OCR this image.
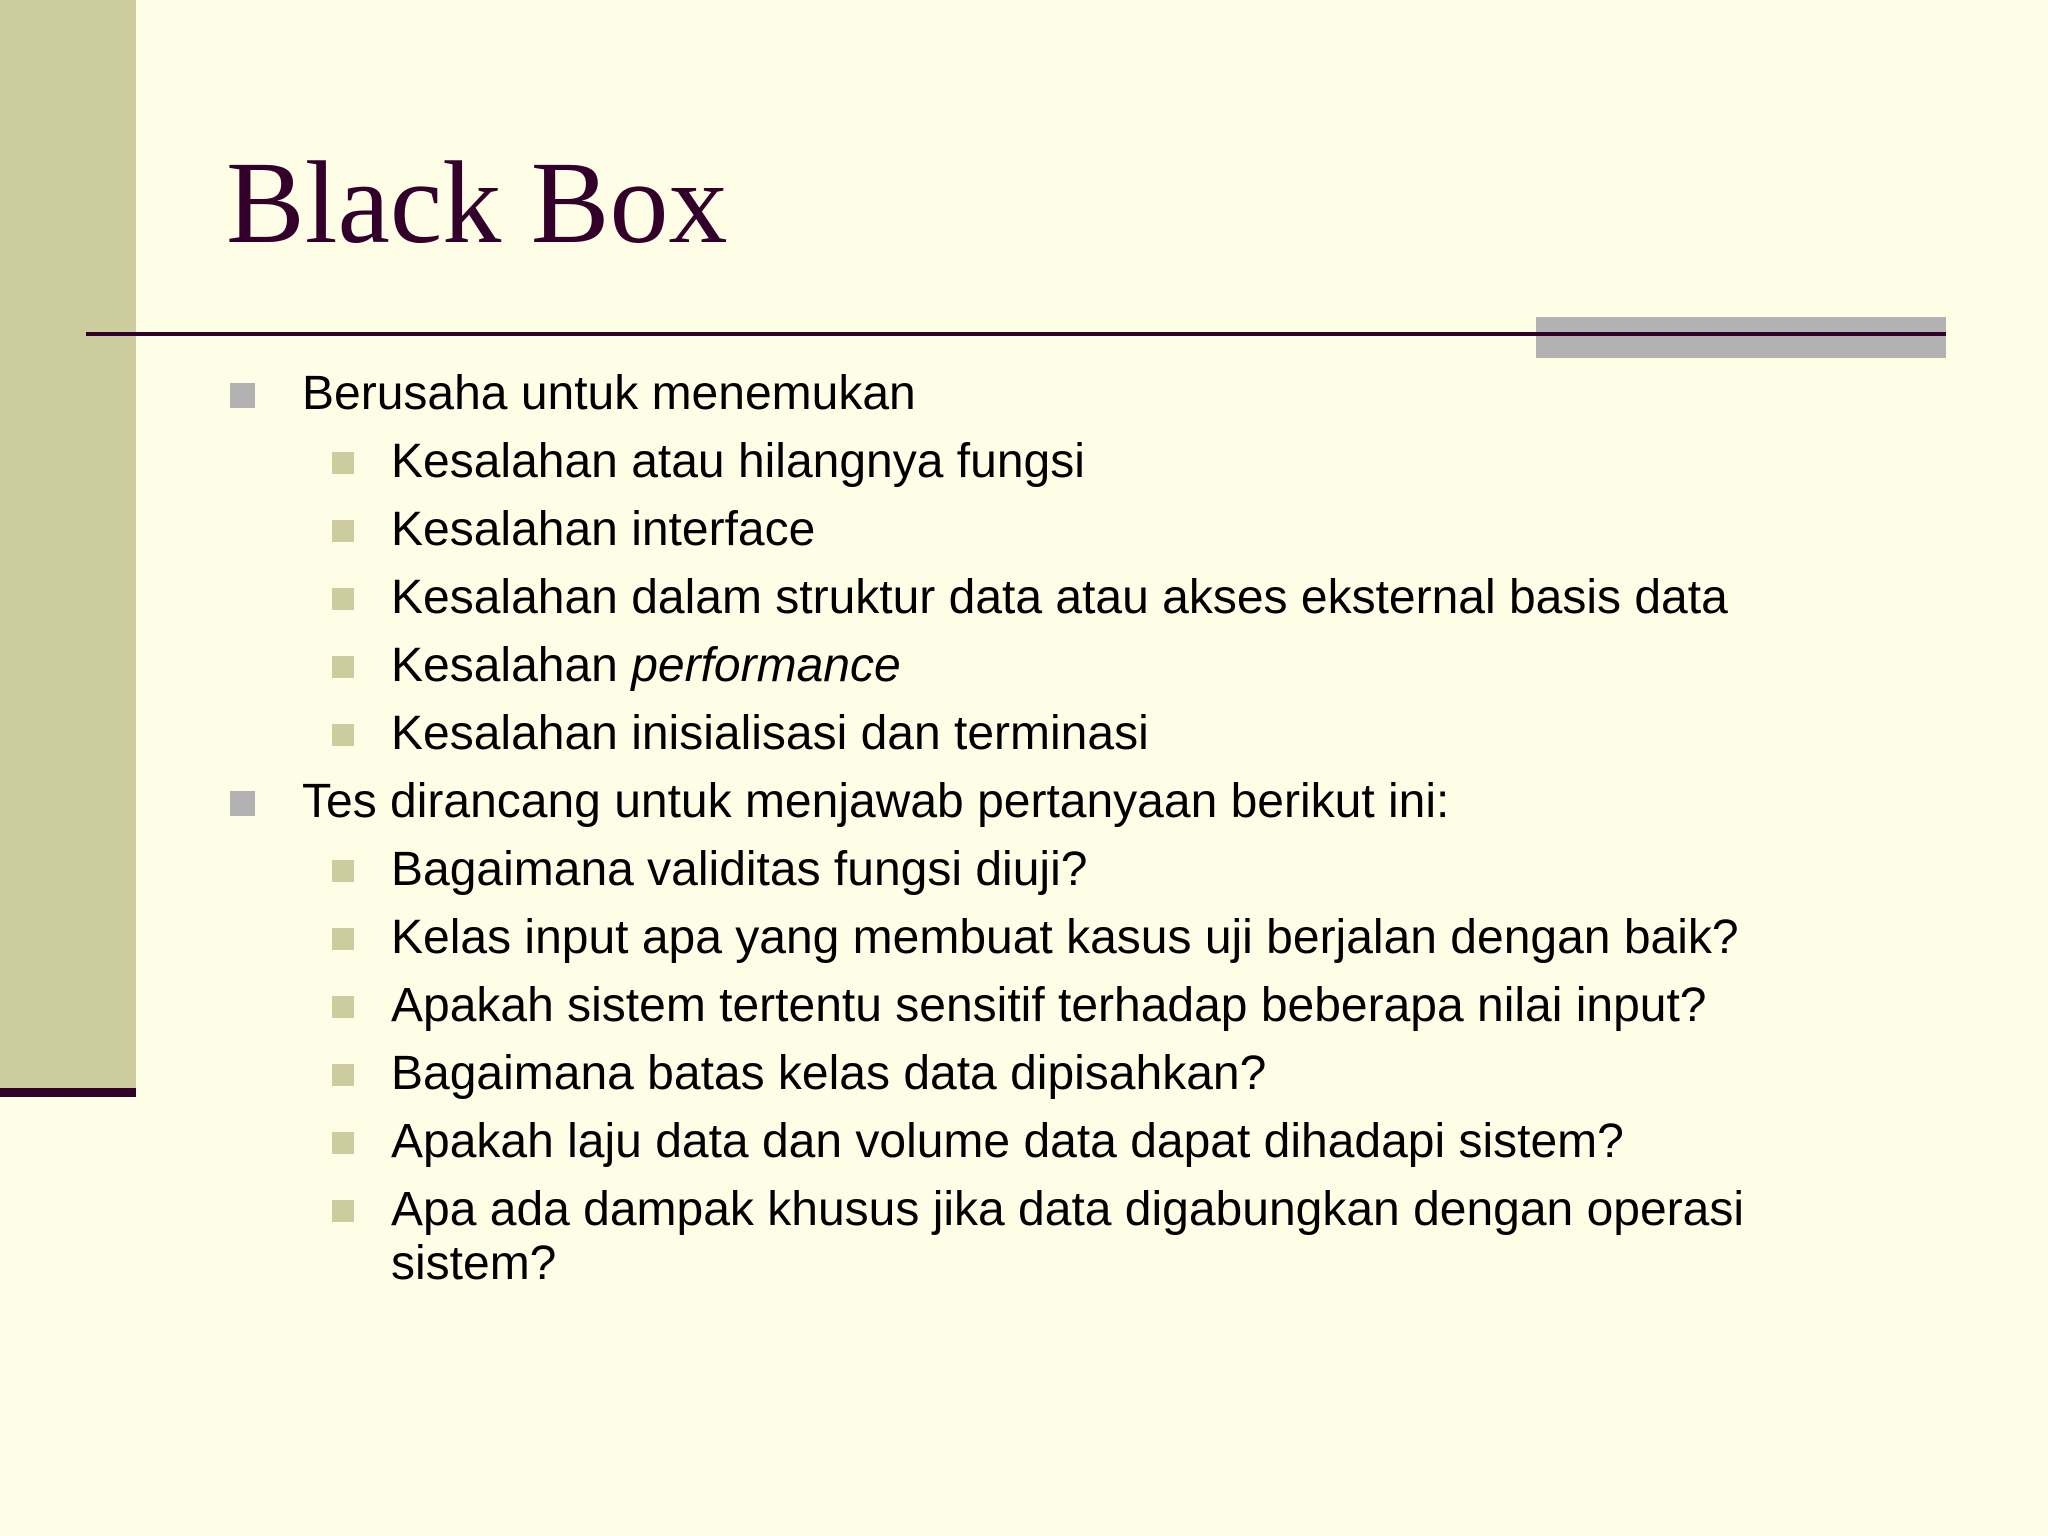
Black Box
Berusaha untuk menemukan
Kesalahan atau hilangnya fungsi
Kesalahan interface
Kesalahan dalam struktur data atau akses eksternal basis data
Kesalahan performance
Kesalahan inisialisasi dan terminasi
Tes dirancang untuk menjawab pertanyaan berikut ini:
Bagaimana validitas fungsi diuji?
Kelas input apa yang membuat kasus uji berjalan dengan baik?
Apakah sistem tertentu sensitif terhadap beberapa nilai input?
Bagaimana batas kelas data dipisahkan?
Apakah laju data dan volume data dapat dihadapi sistem?
Apa ada dampak khusus jika data digabungkan dengan operasi sistem?
